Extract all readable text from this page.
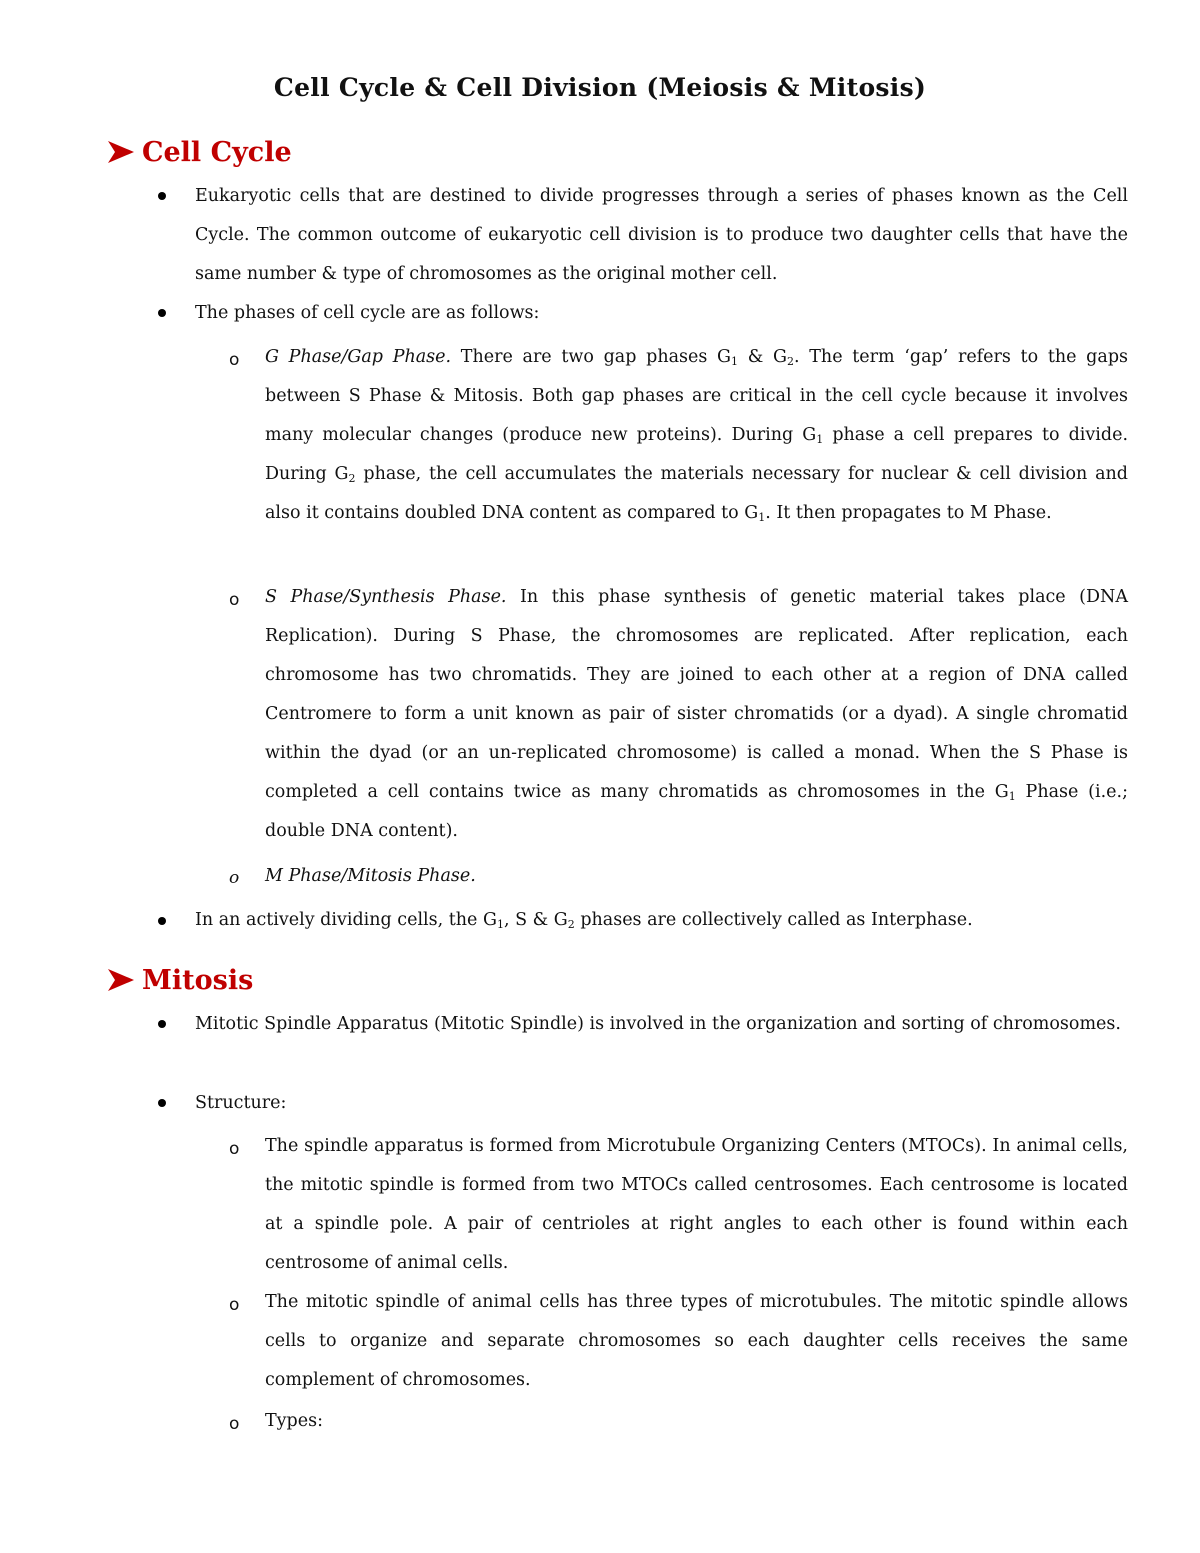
Cell Cycle & Cell Division (Meiosis & Mitosis)
Cell Cycle
Eukaryotic cells that are destined to divide progresses through a series of phases known as the Cell Cycle. The common outcome of eukaryotic cell division is to produce two daughter cells that have the same number & type of chromosomes as the original mother cell.
The phases of cell cycle are as follows:
o G Phase/Gap Phase. There are two gap phases $G_1$ & $G_2$. The term ‘gap’ refers to the gaps between S Phase & Mitosis. Both gap phases are critical in the cell cycle because it involves many molecular changes (produce new proteins). During $G_1$ phase a cell prepares to divide. During $G_2$ phase, the cell accumulates the materials necessary for nuclear & cell division and also it contains doubled DNA content as compared to $G_1$. It then propagates to M Phase.
o S Phase/Synthesis Phase. In this phase synthesis of genetic material takes place (DNA Replication). During S Phase, the chromosomes are replicated. After replication, each chromosome has two chromatids. They are joined to each other at a region of DNA called Centromere to form a unit known as pair of sister chromatids (or a dyad). A single chromatid within the dyad (or an un-replicated chromosome) is called a monad. When the S Phase is completed a cell contains twice as many chromatids as chromosomes in the $G_1$ Phase (i.e.; double DNA content).
o M Phase/Mitosis Phase.
In an actively dividing cells, the $G_1$, S & $G_2$ phases are collectively called as Interphase.
Mitosis
Mitotic Spindle Apparatus (Mitotic Spindle) is involved in the organization and sorting of chromosomes.
Structure:
o The spindle apparatus is formed from Microtubule Organizing Centers (MTOCs). In animal cells, the mitotic spindle is formed from two MTOCs called centrosomes. Each centrosome is located at a spindle pole. A pair of centrioles at right angles to each other is found within each centrosome of animal cells.
o The mitotic spindle of animal cells has three types of microtubules. The mitotic spindle allows cells to organize and separate chromosomes so each daughter cells receives the same complement of chromosomes.
o Types:
